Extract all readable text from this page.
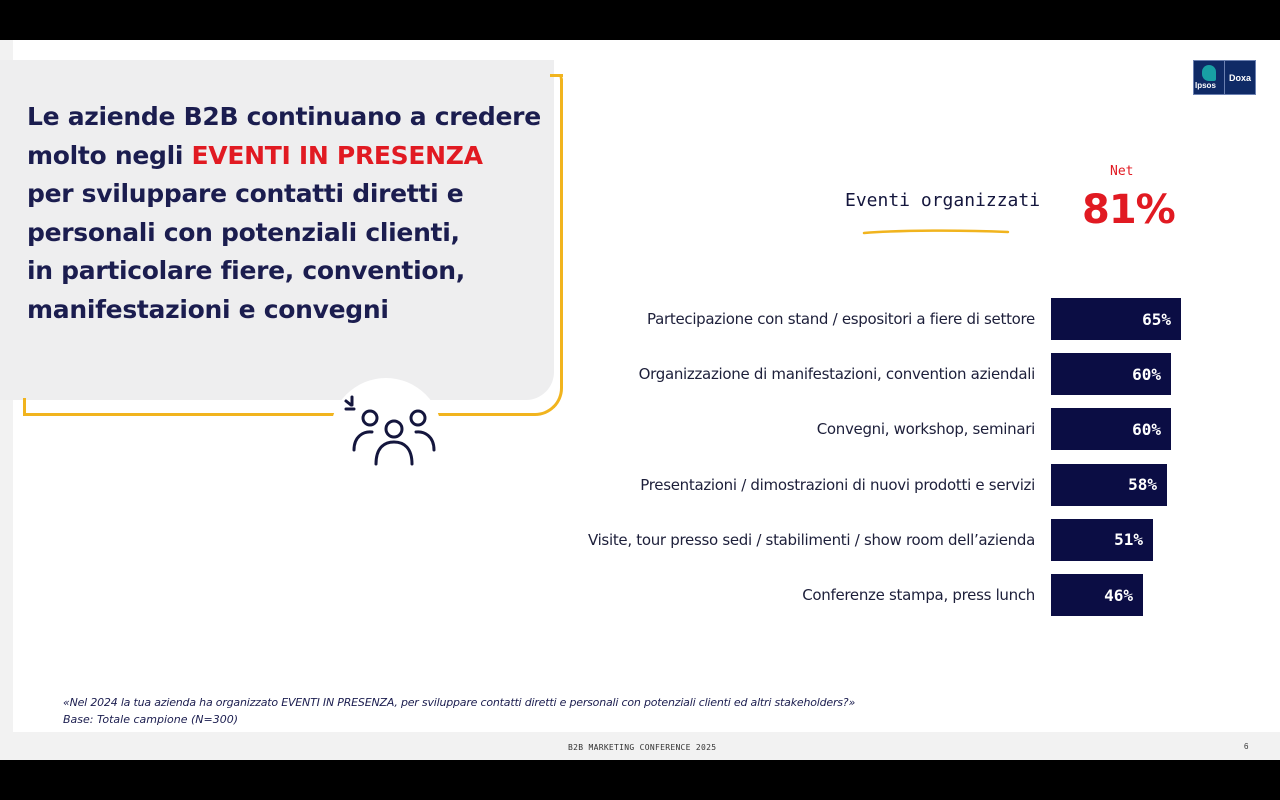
Le aziende B2B continuano a credere
molto negli EVENTI IN PRESENZA
per sviluppare contatti diretti e
personali con potenziali clienti,
in particolare fiere, convention,
manifestazioni e convegni
Ipsos
Doxa
Eventi organizzati
Net
81%
Partecipazione con stand / espositori a fiere di settore	65%
Organizzazione di manifestazioni, convention aziendali	60%
Convegni, workshop, seminari	60%
Presentazioni / dimostrazioni di nuovi prodotti e servizi	58%
Visite, tour presso sedi / stabilimenti / show room dell’azienda	51%
Conferenze stampa, press lunch	46%
«Nel 2024 la tua azienda ha organizzato EVENTI IN PRESENZA, per sviluppare contatti diretti e personali con potenziali clienti ed altri stakeholders?»
Base: Totale campione (N=300)
B2B MARKETING CONFERENCE 2025	6
